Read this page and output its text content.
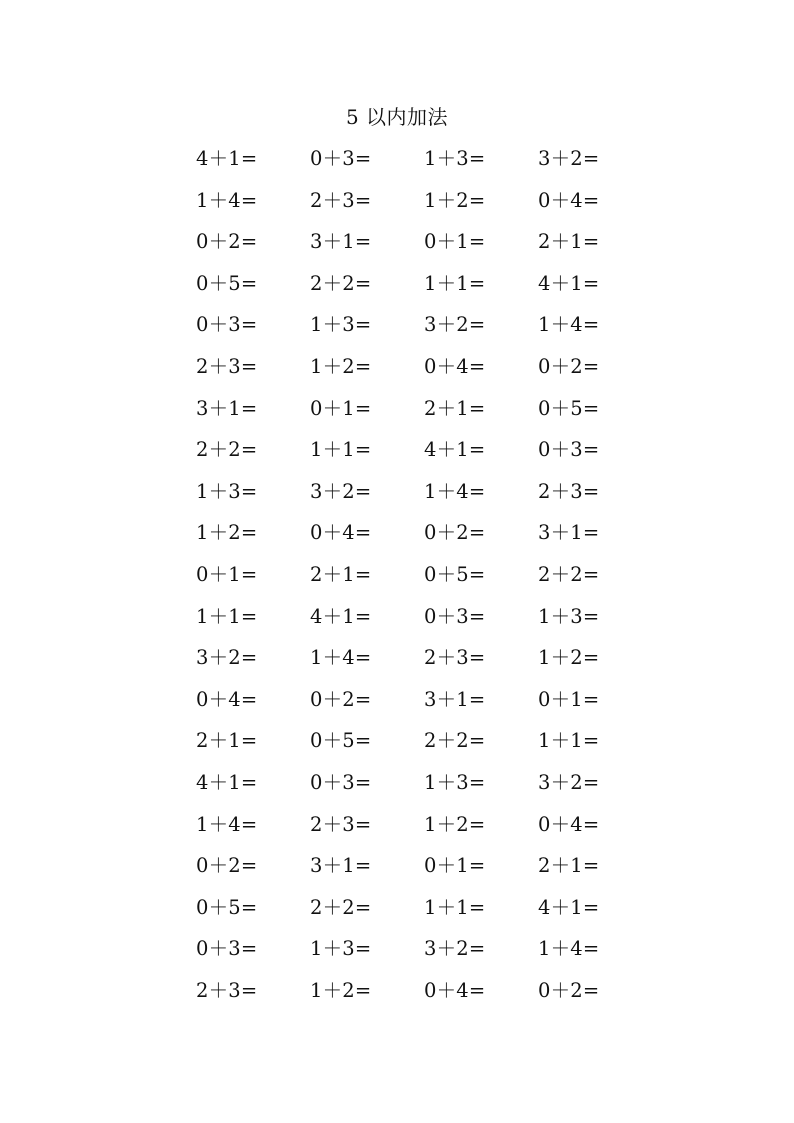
5 以内加法
4＋1=	0＋3=	1＋3=	3＋2=
1＋4=	2＋3=	1＋2=	0＋4=
0＋2=	3＋1=	0＋1=	2＋1=
0＋5=	2＋2=	1＋1=	4＋1=
0＋3=	1＋3=	3＋2=	1＋4=
2＋3=	1＋2=	0＋4=	0＋2=
3＋1=	0＋1=	2＋1=	0＋5=
2＋2=	1＋1=	4＋1=	0＋3=
1＋3=	3＋2=	1＋4=	2＋3=
1＋2=	0＋4=	0＋2=	3＋1=
0＋1=	2＋1=	0＋5=	2＋2=
1＋1=	4＋1=	0＋3=	1＋3=
3＋2=	1＋4=	2＋3=	1＋2=
0＋4=	0＋2=	3＋1=	0＋1=
2＋1=	0＋5=	2＋2=	1＋1=
4＋1=	0＋3=	1＋3=	3＋2=
1＋4=	2＋3=	1＋2=	0＋4=
0＋2=	3＋1=	0＋1=	2＋1=
0＋5=	2＋2=	1＋1=	4＋1=
0＋3=	1＋3=	3＋2=	1＋4=
2＋3=	1＋2=	0＋4=	0＋2=
